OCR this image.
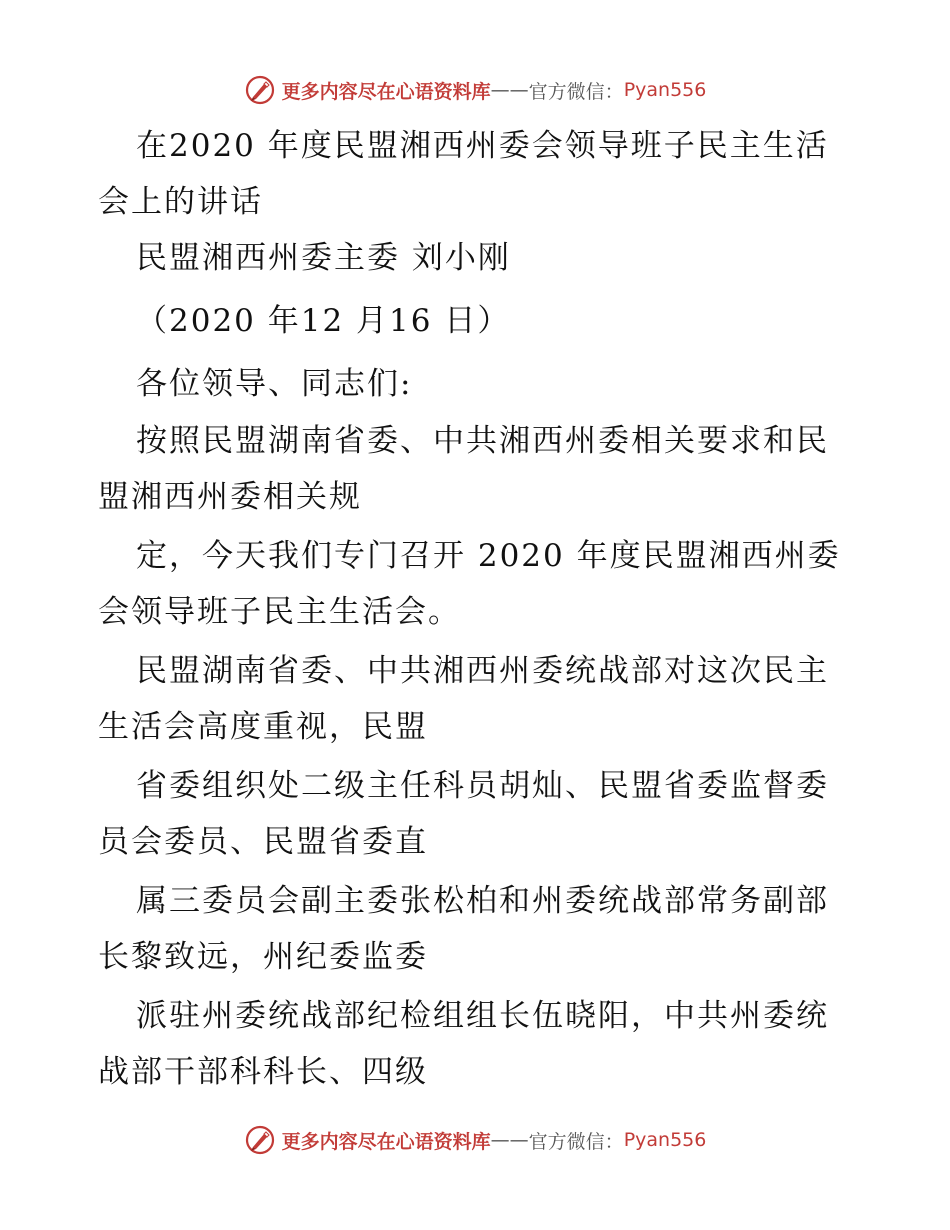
更多内容尽在心语资料库 —— 官方微信： Pyan556
在2020 年度民盟湘西州委会领导班子民主生活
会上的讲话
民盟湘西州委主委 刘小刚
（2020 年12 月16 日）
各位领导、同志们:
按照民盟湖南省委、中共湘西州委相关要求和民
盟湘西州委相关规
定，今天我们专门召开 2020 年度民盟湘西州委
会领导班子民主生活会。
民盟湖南省委、中共湘西州委统战部对这次民主
生活会高度重视，民盟
省委组织处二级主任科员胡灿、民盟省委监督委
员会委员、民盟省委直
属三委员会副主委张松柏和州委统战部常务副部
长黎致远，州纪委监委
派驻州委统战部纪检组组长伍晓阳，中共州委统
战部干部科科长、四级
更多内容尽在心语资料库 —— 官方微信： Pyan556
